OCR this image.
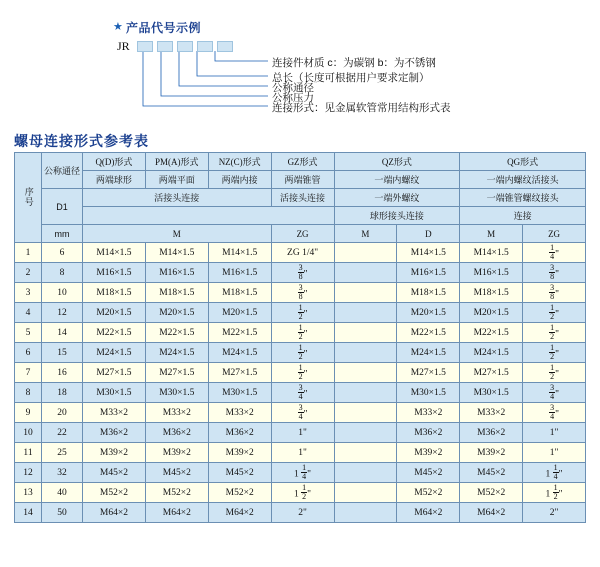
★ 产品代号示例
JR
连接件材质 c：为碳钢 b：为不锈钢
总长（长度可根据用户要求定制）
公称通径
公称压力
连接形式：见金属软管常用结构形式表
螺母连接形式参考表
序号	公称通径	Q(D)形式	PM(A)形式	NZ(C)形式	GZ形式	QZ形式		QG形式	
		两端球形	两端平面	两端内接	两端锥管	一端内螺纹		一端内螺纹活接头	
	D1	活接头连接			活接头连接	一端外螺纹		一端锥管螺纹接头	
						球形接头连接		连接	
	mm	M			ZG	M	D	M	ZG
1	6	M14×1.5	M14×1.5	M14×1.5	ZG 1/4"		M14×1.5	M14×1.5	$\frac{1}{4}$ "
2	8	M16×1.5	M16×1.5	M16×1.5	$\frac{3}{8}$ "		M16×1.5	M16×1.5	$\frac{3}{8}$ "
3	10	M18×1.5	M18×1.5	M18×1.5	$\frac{3}{8}$ "		M18×1.5	M18×1.5	$\frac{3}{8}$ "
4	12	M20×1.5	M20×1.5	M20×1.5	$\frac{1}{2}$ "		M20×1.5	M20×1.5	$\frac{1}{2}$ "
5	14	M22×1.5	M22×1.5	M22×1.5	$\frac{1}{2}$ "		M22×1.5	M22×1.5	$\frac{1}{2}$ "
6	15	M24×1.5	M24×1.5	M24×1.5	$\frac{1}{2}$ "		M24×1.5	M24×1.5	$\frac{1}{2}$ "
7	16	M27×1.5	M27×1.5	M27×1.5	$\frac{1}{2}$ "		M27×1.5	M27×1.5	$\frac{1}{2}$ "
8	18	M30×1.5	M30×1.5	M30×1.5	$\frac{3}{4}$ "		M30×1.5	M30×1.5	$\frac{3}{4}$ "
9	20	M33×2	M33×2	M33×2	$\frac{3}{4}$ "		M33×2	M33×2	$\frac{3}{4}$ "
10	22	M36×2	M36×2	M36×2	1"		M36×2	M36×2	1"
11	25	M39×2	M39×2	M39×2	1"		M39×2	M39×2	1"
12	32	M45×2	M45×2	M45×2	$1 \frac{1}{4}$ "		M45×2	M45×2	$1 \frac{1}{4}$ "
13	40	M52×2	M52×2	M52×2	$1 \frac{1}{2}$ "		M52×2	M52×2	$1 \frac{1}{2}$ "
14	50	M64×2	M64×2	M64×2	2"		M64×2	M64×2	2"
